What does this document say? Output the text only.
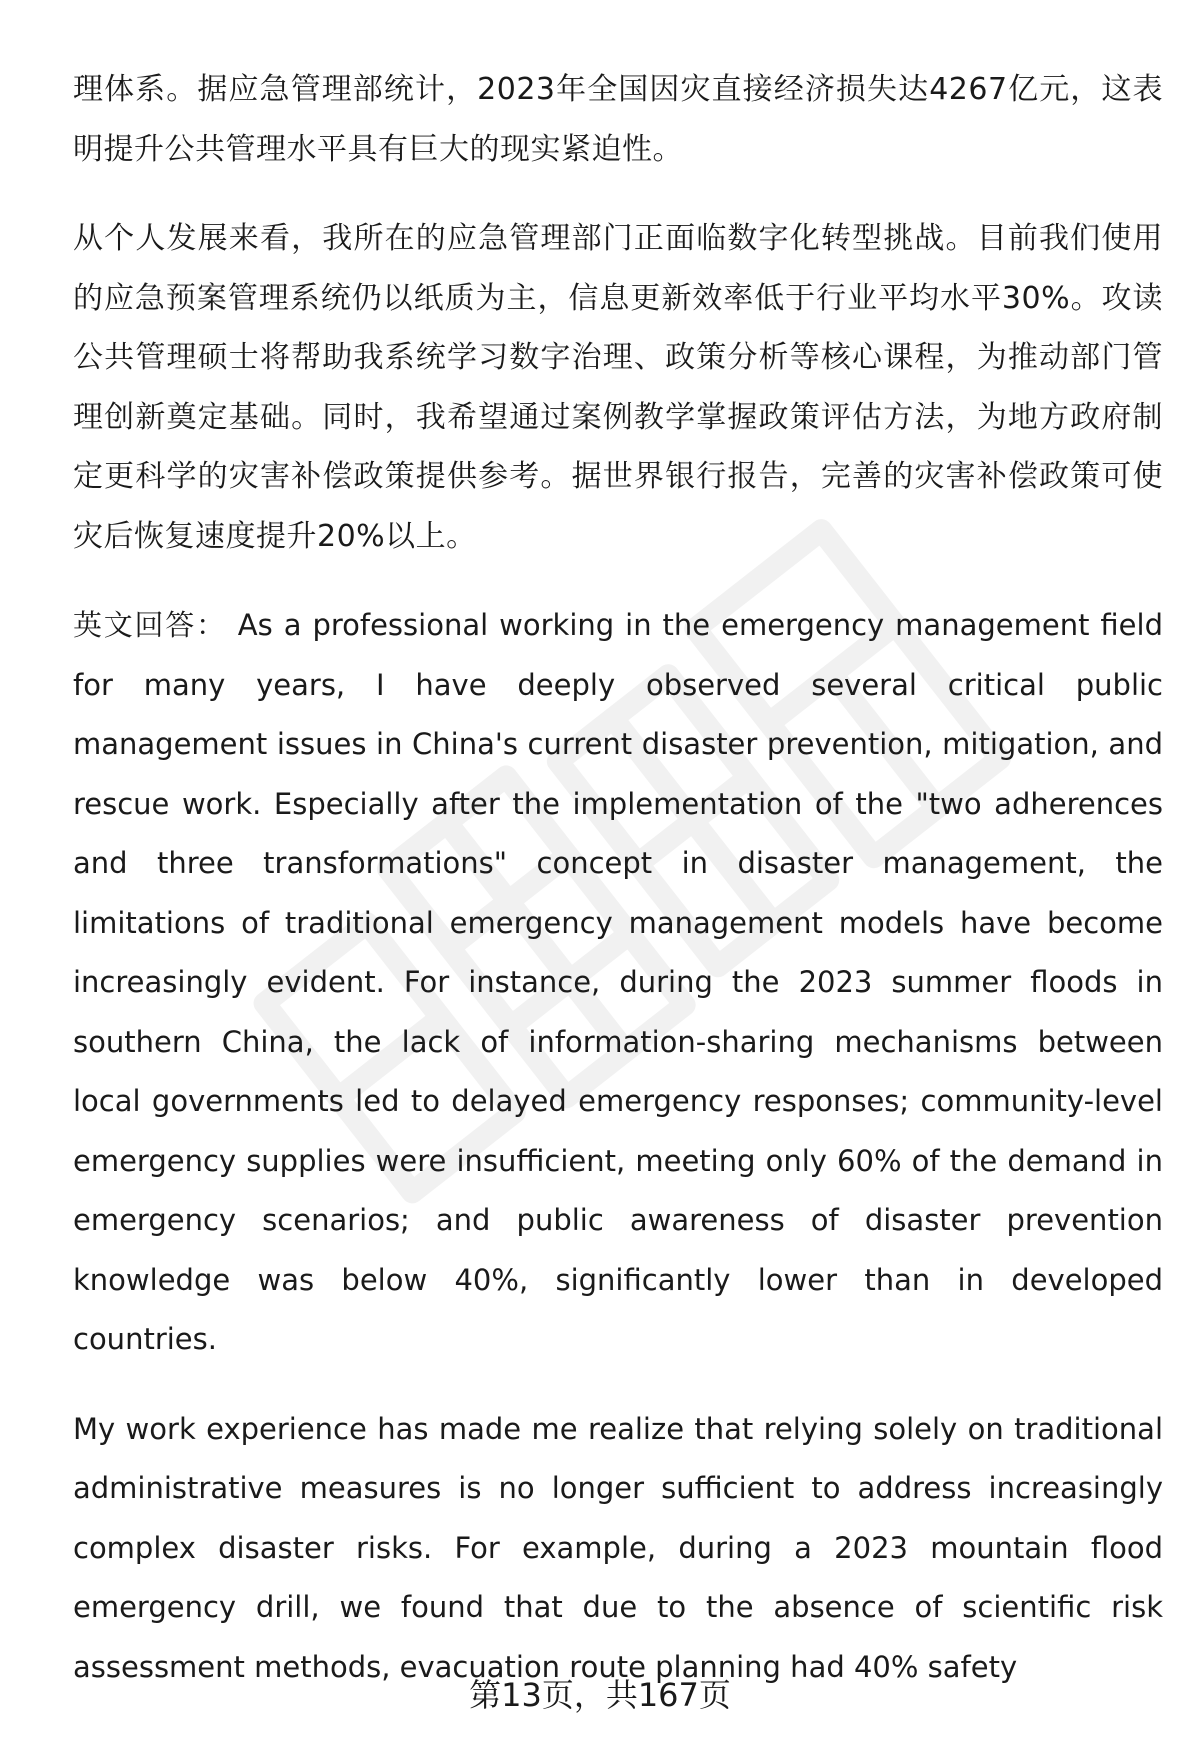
理体系。据应急管理部统计，2023年全国因灾直接经济损失达4267亿元，这表明提升公共管理水平具有巨大的现实紧迫性。

从个人发展来看，我所在的应急管理部门正面临数字化转型挑战。目前我们使用的应急预案管理系统仍以纸质为主，信息更新效率低于行业平均水平30%。攻读公共管理硕士将帮助我系统学习数字治理、政策分析等核心课程，为推动部门管理创新奠定基础。同时，我希望通过案例教学掌握政策评估方法，为地方政府制定更科学的灾害补偿政策提供参考。据世界银行报告，完善的灾害补偿政策可使灾后恢复速度提升20%以上。

英文回答： As a professional working in the emergency management field for many years, I have deeply observed several critical public management issues in China's current disaster prevention, mitigation, and rescue work. Especially after the implementation of the "two adherences and three transformations" concept in disaster management, the limitations of traditional emergency management models have become increasingly evident. For instance, during the 2023 summer floods in southern China, the lack of information-sharing mechanisms between local governments led to delayed emergency responses; community-level emergency supplies were insufficient, meeting only 60% of the demand in emergency scenarios; and public awareness of disaster prevention knowledge was below 40%, significantly lower than in developed countries.

My work experience has made me realize that relying solely on traditional administrative measures is no longer sufficient to address increasingly complex disaster risks. For example, during a 2023 mountain flood emergency drill, we found that due to the absence of scientific risk assessment methods, evacuation route planning had 40% safety

第13页，共167页
